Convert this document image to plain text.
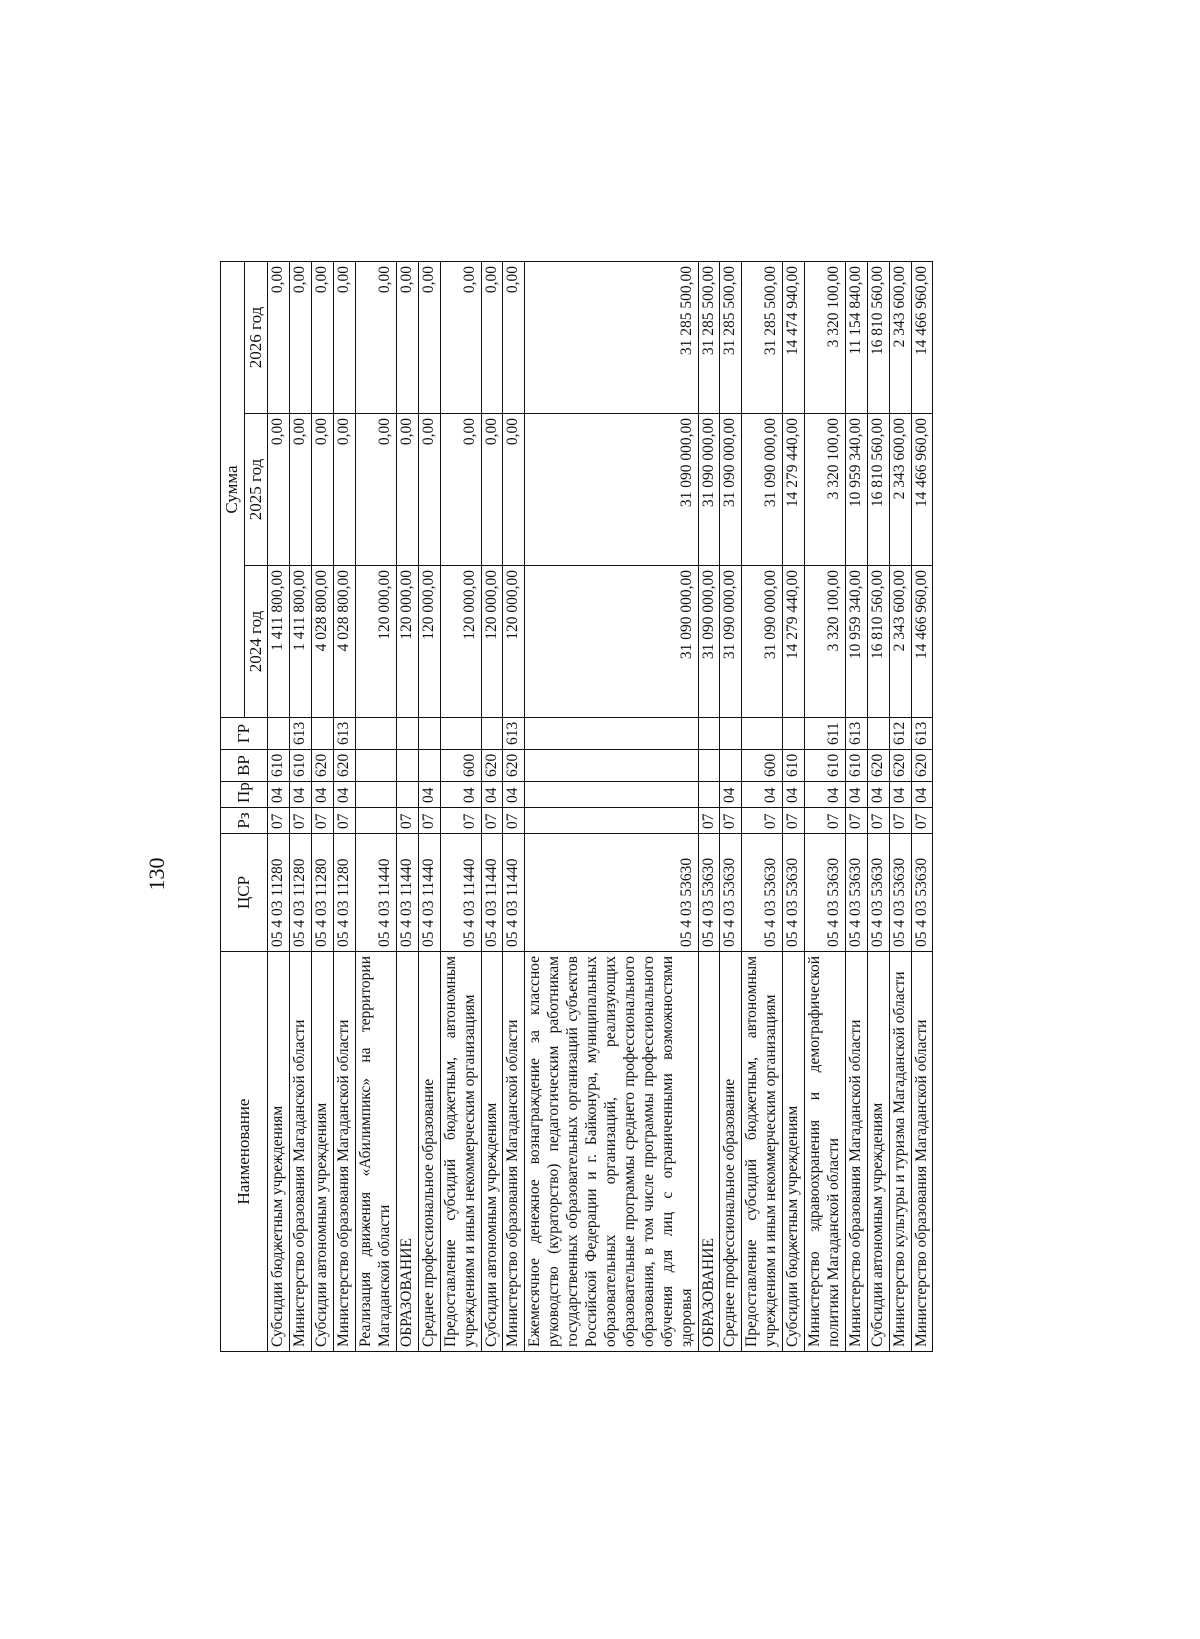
130
Наименование	ЦСР	Рз	Пр	ВР	ГР	Сумма		
						2024 год	2025 год	2026 год
Субсидии бюджетным учреждениям	05 4 03 11280	07	04	610		1 411 800,00	0,00	0,00
Министерство образования Магаданской области	05 4 03 11280	07	04	610	613	1 411 800,00	0,00	0,00
Субсидии автономным учреждениям	05 4 03 11280	07	04	620		4 028 800,00	0,00	0,00
Министерство образования Магаданской области	05 4 03 11280	07	04	620	613	4 028 800,00	0,00	0,00
Реализация движения «Абилимпикс» на территории Магаданской области	05 4 03 11440					120 000,00	0,00	0,00
ОБРАЗОВАНИЕ	05 4 03 11440	07				120 000,00	0,00	0,00
Среднее профессиональное образование	05 4 03 11440	07	04			120 000,00	0,00	0,00
Предоставление субсидий бюджетным, автономным учреждениям и иным некоммерческим организациям	05 4 03 11440	07	04	600		120 000,00	0,00	0,00
Субсидии автономным учреждениям	05 4 03 11440	07	04	620		120 000,00	0,00	0,00
Министерство образования Магаданской области	05 4 03 11440	07	04	620	613	120 000,00	0,00	0,00
Ежемесячное денежное вознаграждение за классное руководство (кураторство) педагогическим работникам государственных образовательных организаций субъектов Российской Федерации и г. Байконура, муниципальных образовательных организаций, реализующих образовательные программы среднего профессионального образования, в том числе программы профессионального обучения для лиц с ограниченными возможностями здоровья	05 4 03 53630					31 090 000,00	31 090 000,00	31 285 500,00
ОБРАЗОВАНИЕ	05 4 03 53630	07				31 090 000,00	31 090 000,00	31 285 500,00
Среднее профессиональное образование	05 4 03 53630	07	04			31 090 000,00	31 090 000,00	31 285 500,00
Предоставление субсидий бюджетным, автономным учреждениям и иным некоммерческим организациям	05 4 03 53630	07	04	600		31 090 000,00	31 090 000,00	31 285 500,00
Субсидии бюджетным учреждениям	05 4 03 53630	07	04	610		14 279 440,00	14 279 440,00	14 474 940,00
Министерство здравоохранения и демографической политики Магаданской области	05 4 03 53630	07	04	610	611	3 320 100,00	3 320 100,00	3 320 100,00
Министерство образования Магаданской области	05 4 03 53630	07	04	610	613	10 959 340,00	10 959 340,00	11 154 840,00
Субсидии автономным учреждениям	05 4 03 53630	07	04	620		16 810 560,00	16 810 560,00	16 810 560,00
Министерство культуры и туризма Магаданской области	05 4 03 53630	07	04	620	612	2 343 600,00	2 343 600,00	2 343 600,00
Министерство образования Магаданской области	05 4 03 53630	07	04	620	613	14 466 960,00	14 466 960,00	14 466 960,00
